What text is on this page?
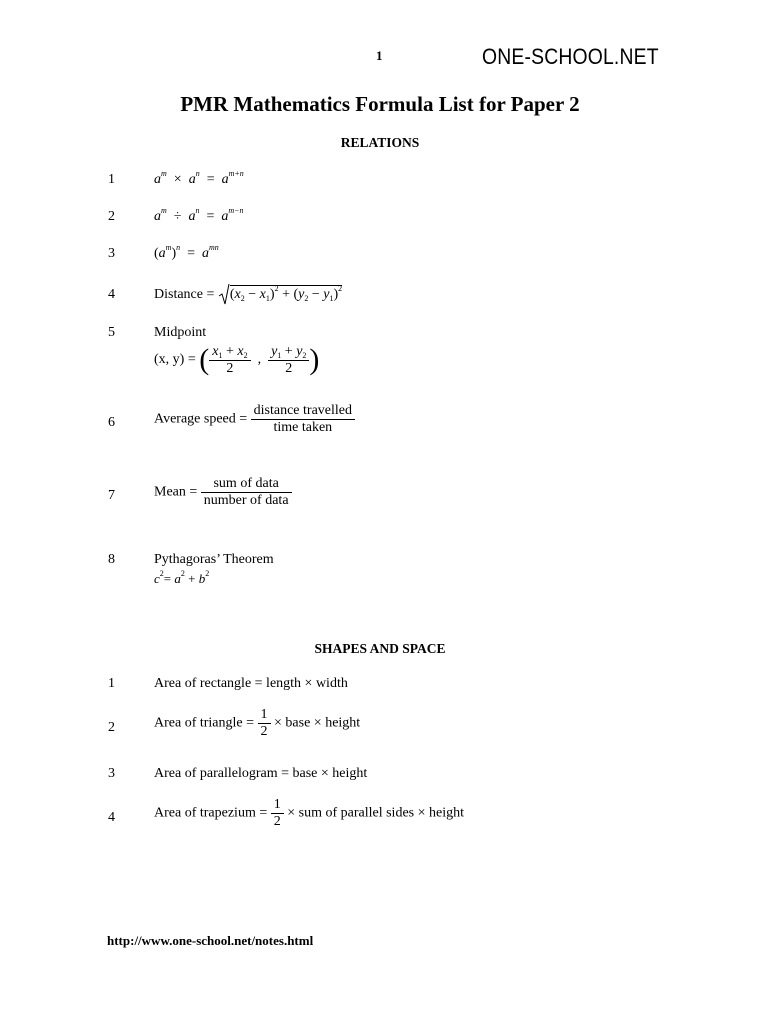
1	ONE-SCHOOL.NET
PMR Mathematics Formula List for Paper 2
RELATIONS
1	$a^m \times a^n = a^{m+n}$
2	$a^m \div a^n = a^{m-n}$
3	$(a^m)^n = a^{mn}$
4	Distance = $(x_2 - x_1)^2 + (y_2 - y_1)^2$
5	Midpoint
(x, y) = ( $\frac{x_1 + x_2}{2}$ , $\frac{y_1 + y_2}{2}$ )
6	Average speed = $\frac{\text{distance travelled}}{\text{time taken}}$
7	Mean = $\frac{\text{sum of data}}{\text{number of data}}$
8	Pythagoras’ Theorem
$c^2= a^2 + b^2$
SHAPES AND SPACE
1	Area of rectangle = length × width
2	Area of triangle = $\frac{1}{2}$ × base × height
3	Area of parallelogram = base × height
4	Area of trapezium = $\frac{1}{2}$ × sum of parallel sides × height
http://www.one-school.net/notes.html
